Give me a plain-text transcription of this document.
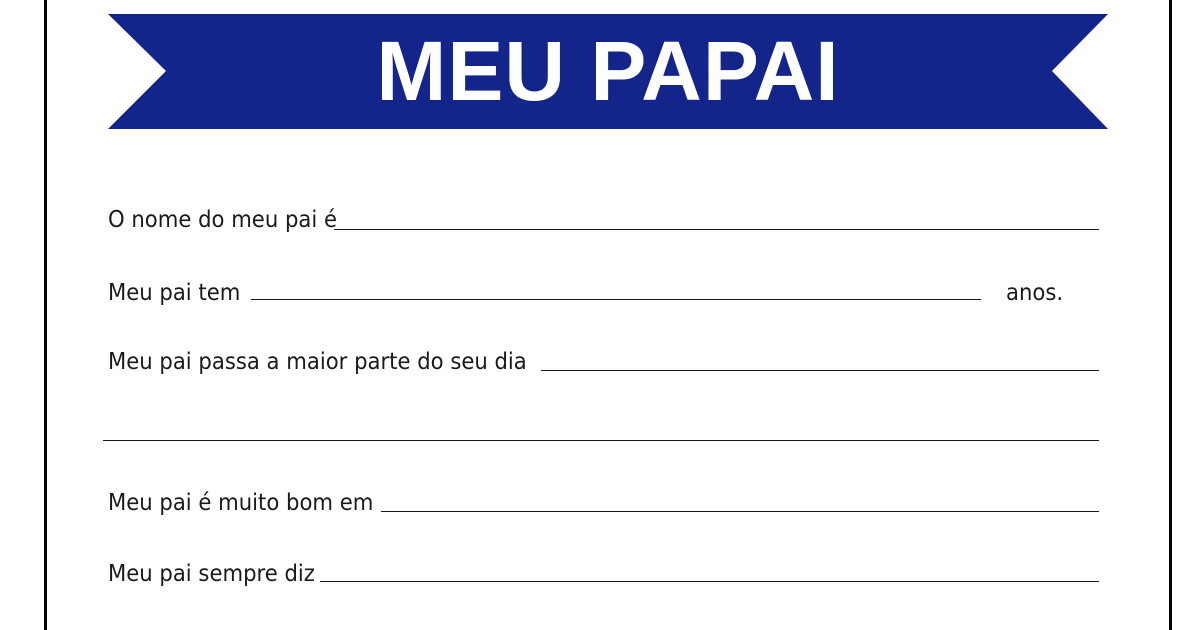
MEU PAPAI
O nome do meu pai é
Meu pai tem	anos.
Meu pai passa a maior parte do seu dia
Meu pai é muito bom em
Meu pai sempre diz
